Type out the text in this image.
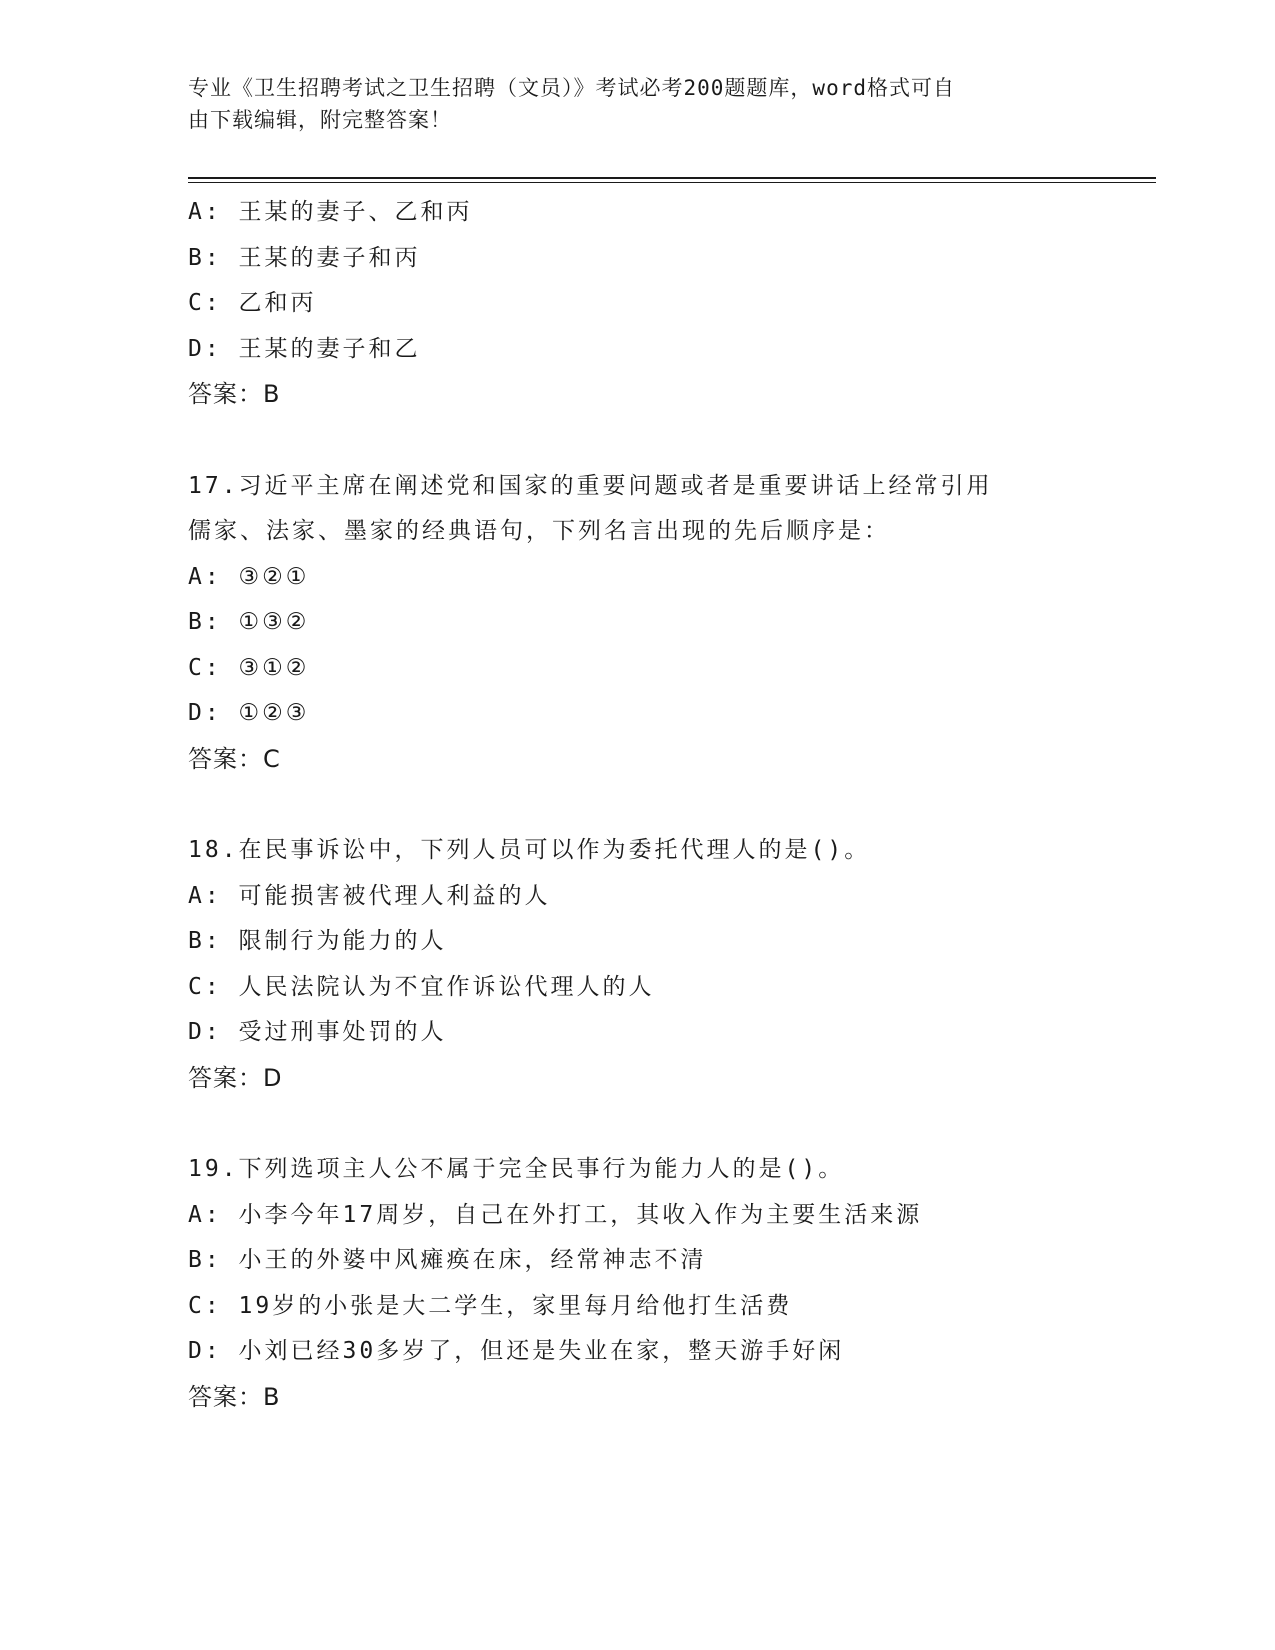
专业《卫生招聘考试之卫生招聘（文员）》考试必考200题题库，word格式可自
由下载编辑，附完整答案！
A: 王某的妻子、乙和丙
B: 王某的妻子和丙
C: 乙和丙
D: 王某的妻子和乙
答案：B
17.习近平主席在阐述党和国家的重要问题或者是重要讲话上经常引用
儒家、法家、墨家的经典语句，下列名言出现的先后顺序是：
A: ③②①
B: ①③②
C: ③①②
D: ①②③
答案：C
18.在民事诉讼中，下列人员可以作为委托代理人的是()。
A: 可能损害被代理人利益的人
B: 限制行为能力的人
C: 人民法院认为不宜作诉讼代理人的人
D: 受过刑事处罚的人
答案：D
19.下列选项主人公不属于完全民事行为能力人的是()。
A: 小李今年17周岁，自己在外打工，其收入作为主要生活来源
B: 小王的外婆中风瘫痪在床，经常神志不清
C: 19岁的小张是大二学生，家里每月给他打生活费
D: 小刘已经30多岁了，但还是失业在家，整天游手好闲
答案：B
